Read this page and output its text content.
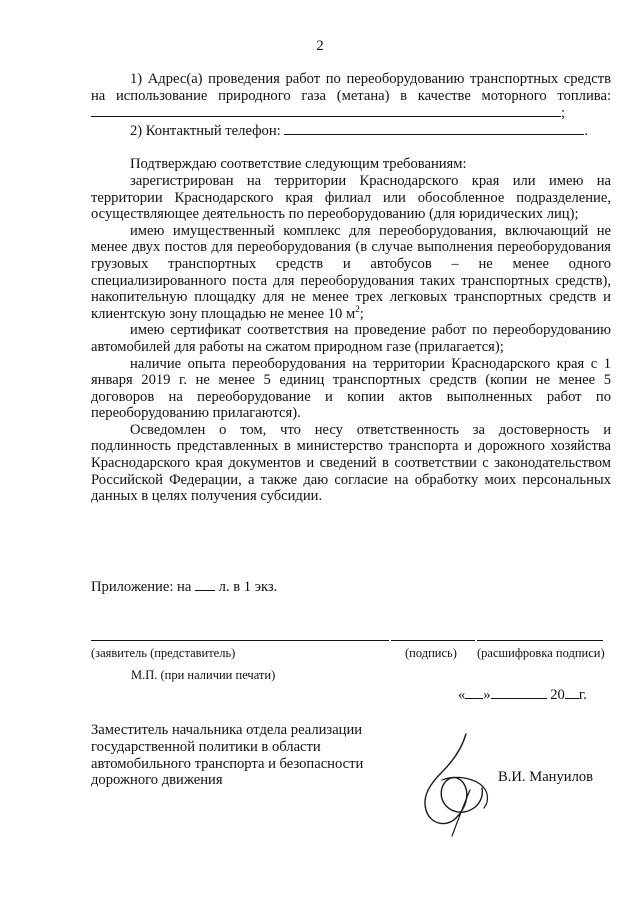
2

1) Адрес(а) проведения работ по переоборудованию транспортных средств на использование природного газа (метана) в качестве моторного топлива: ;

2) Контактный телефон:	.

Подтверждаю соответствие следующим требованиям:

зарегистрирован на территории Краснодарского края или имею на территории Краснодарского края филиал или обособленное подразделение, осуществляющее деятельность по переоборудованию (для юридических лиц);

имею имущественный комплекс для переоборудования, включающий не менее двух постов для переоборудования (в случае выполнения переоборудования грузовых транспортных средств и автобусов – не менее одного специализированного поста для переоборудования таких транспортных средств), накопительную площадку для не менее трех легковых транспортных средств и клиентскую зону площадью не менее 10 $м^2$;

имею сертификат соответствия на проведение работ по переоборудованию автомобилей для работы на сжатом природном газе (прилагается);

наличие опыта переоборудования на территории Краснодарского края с 1 января 2019 г. не менее 5 единиц транспортных средств (копии не менее 5 договоров на переоборудование и копии актов выполненных работ по переоборудованию прилагаются).

Осведомлен о том, что несу ответственность за достоверность и подлинность представленных в министерство транспорта и дорожного хозяйства Краснодарского края документов и сведений в соответствии с законодательством Российской Федерации, а также даю согласие на обработку моих персональных данных в целях получения субсидии.

Приложение: на л. в 1 экз.
(заявитель (представитель)	(подпись) (расшифровка подписи)
М.П. (при наличии печати)
« »	20 г.
Заместитель начальника отдела реализации государственной политики в области автомобильного транспорта и безопасности дорожного движения	В.И. Мануилов
